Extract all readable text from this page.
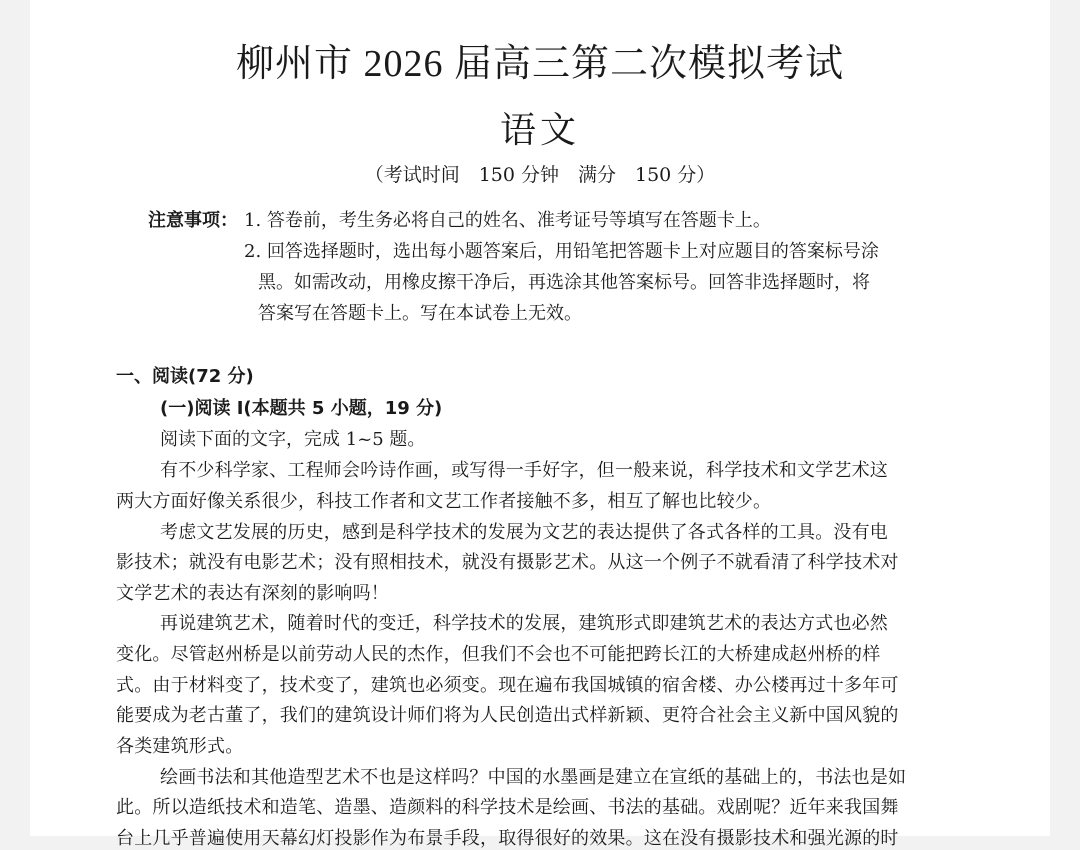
柳州市 2026 届高三第二次模拟考试
语文
（考试时间　150 分钟　满分　150 分）
注意事项： 1. 答卷前，考生务必将自己的姓名、准考证号等填写在答题卡上。
2. 回答选择题时，选出每小题答案后，用铅笔把答题卡上对应题目的答案标号涂
黑。如需改动，用橡皮擦干净后，再选涂其他答案标号。回答非选择题时，将
答案写在答题卡上。写在本试卷上无效。
一、阅读(72 分)
(一)阅读 I(本题共 5 小题，19 分)
阅读下面的文字，完成 1~5 题。
有不少科学家、工程师会吟诗作画，或写得一手好字，但一般来说，科学技术和文学艺术这
两大方面好像关系很少，科技工作者和文艺工作者接触不多，相互了解也比较少。
考虑文艺发展的历史，感到是科学技术的发展为文艺的表达提供了各式各样的工具。没有电
影技术；就没有电影艺术；没有照相技术，就没有摄影艺术。从这一个例子不就看清了科学技术对
文学艺术的表达有深刻的影响吗！
再说建筑艺术，随着时代的变迁，科学技术的发展，建筑形式即建筑艺术的表达方式也必然
变化。尽管赵州桥是以前劳动人民的杰作，但我们不会也不可能把跨长江的大桥建成赵州桥的样
式。由于材料变了，技术变了，建筑也必须变。现在遍布我国城镇的宿舍楼、办公楼再过十多年可
能要成为老古董了，我们的建筑设计师们将为人民创造出式样新颖、更符合社会主义新中国风貌的
各类建筑形式。
绘画书法和其他造型艺术不也是这样吗？中国的水墨画是建立在宣纸的基础上的，书法也是如
此。所以造纸技术和造笔、造墨、造颜料的科学技术是绘画、书法的基础。戏剧呢？近年来我国舞
台上几乎普遍使用天幕幻灯投影作为布景手段，取得很好的效果。这在没有摄影技术和强光源的时
